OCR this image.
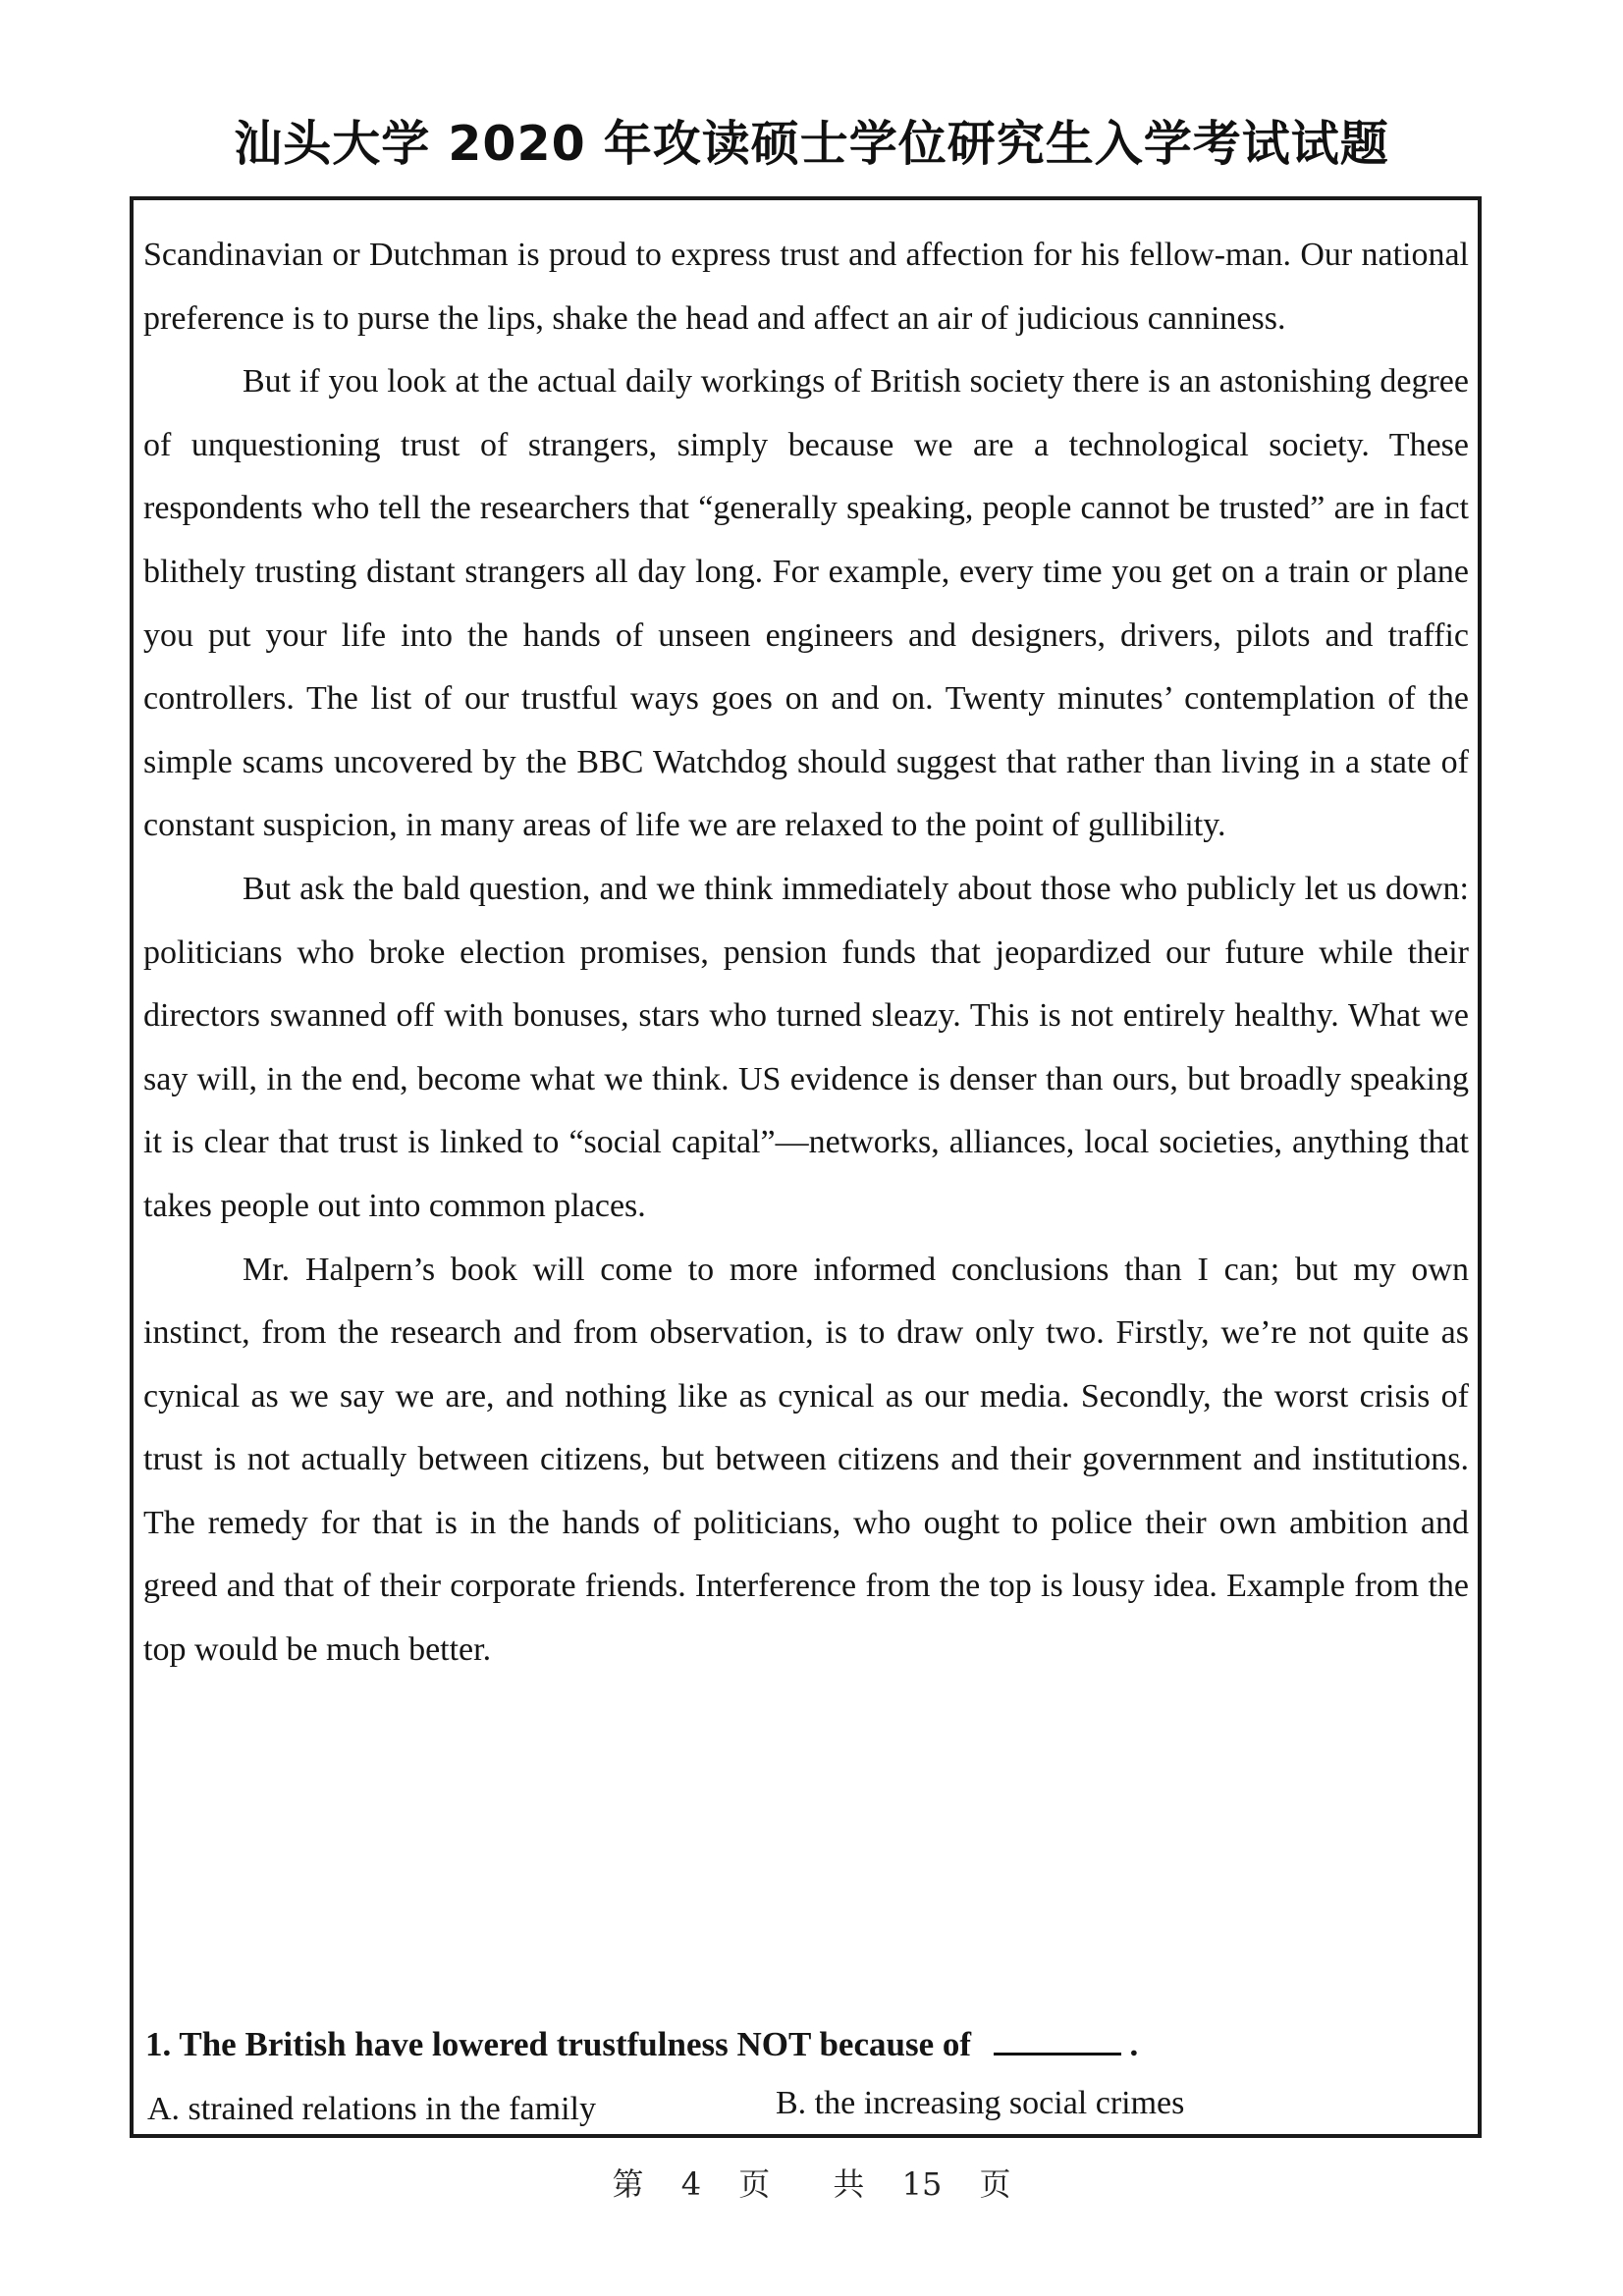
汕头大学 2020 年攻读硕士学位研究生入学考试试题

Scandinavian or Dutchman is proud to express trust and affection for his fellow-man. Our national preference is to purse the lips, shake the head and affect an air of judicious canniness.

But if you look at the actual daily workings of British society there is an astonishing degree of unquestioning trust of strangers, simply because we are a technological society. These respondents who tell the researchers that “generally speaking, people cannot be trusted” are in fact blithely trusting distant strangers all day long. For example, every time you get on a train or plane you put your life into the hands of unseen engineers and designers, drivers, pilots and traffic controllers. The list of our trustful ways goes on and on. Twenty minutes’ contemplation of the simple scams uncovered by the BBC Watchdog should suggest that rather than living in a state of constant suspicion, in many areas of life we are relaxed to the point of gullibility.

But ask the bald question, and we think immediately about those who publicly let us down: politicians who broke election promises, pension funds that jeopardized our future while their directors swanned off with bonuses, stars who turned sleazy. This is not entirely healthy. What we say will, in the end, become what we think. US evidence is denser than ours, but broadly speaking it is clear that trust is linked to “social capital”—networks, alliances, local societies, anything that takes people out into common places.

Mr. Halpern’s book will come to more informed conclusions than I can; but my own instinct, from the research and from observation, is to draw only two. Firstly, we’re not quite as cynical as we say we are, and nothing like as cynical as our media. Secondly, the worst crisis of trust is not actually between citizens, but between citizens and their government and institutions. The remedy for that is in the hands of politicians, who ought to police their own ambition and greed and that of their corporate friends. Interference from the top is lousy idea. Example from the top would be much better.

1. The British have lowered trustfulness NOT because of	.
A. strained relations in the family	B. the increasing social crimes
第 4 页 共 15 页
